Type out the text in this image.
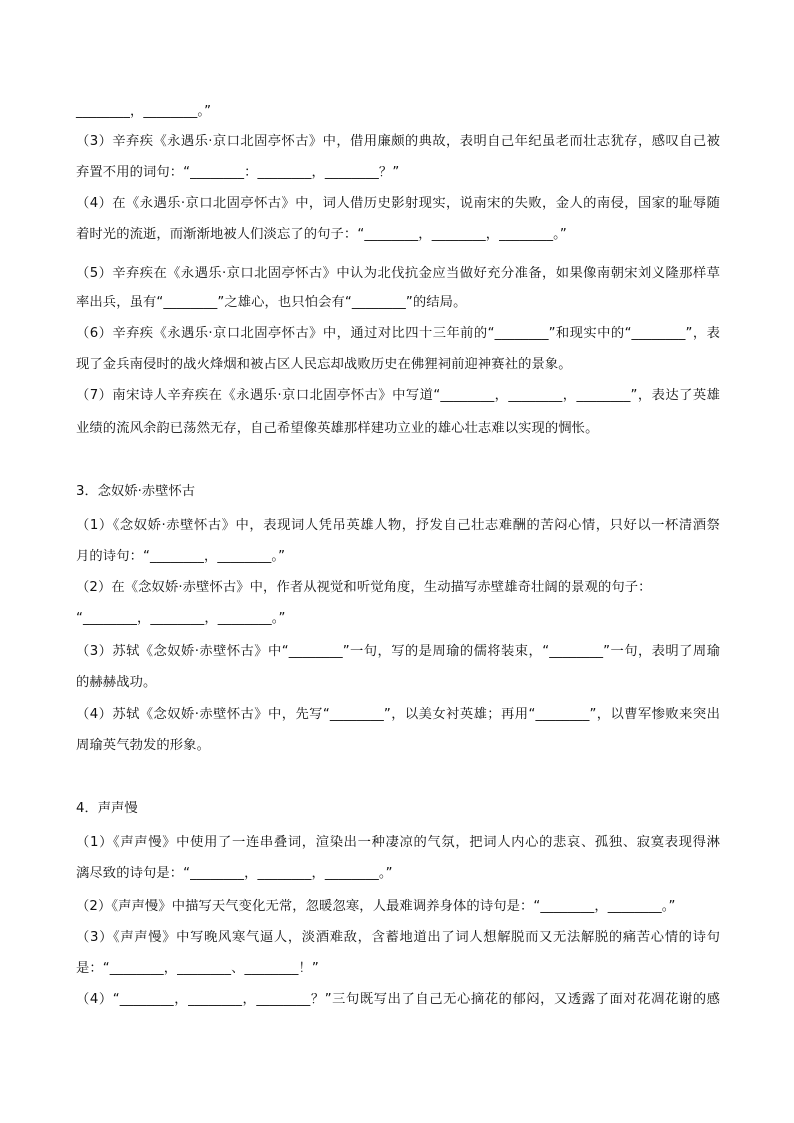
________，________。”
（3）辛弃疾《永遇乐·京口北固亭怀古》中，借用廉颇的典故，表明自己年纪虽老而壮志犹存，感叹自己被
弃置不用的词句：“________：________，________？”
（4）在《永遇乐·京口北固亭怀古》中，词人借历史影射现实，说南宋的失败，金人的南侵，国家的耻辱随
着时光的流逝，而渐渐地被人们淡忘了的句子：“________，________，________。”
（5）辛弃疾在《永遇乐·京口北固亭怀古》中认为北伐抗金应当做好充分准备，如果像南朝宋刘义隆那样草
率出兵，虽有“________”之雄心，也只怕会有“________”的结局。
（6）辛弃疾《永遇乐·京口北固亭怀古》中，通过对比四十三年前的“________”和现实中的“________”，表
现了金兵南侵时的战火烽烟和被占区人民忘却战败历史在佛狸祠前迎神赛社的景象。
（7）南宋诗人辛弃疾在《永遇乐·京口北固亭怀古》中写道“________，________，________”，表达了英雄
业绩的流风余韵已荡然无存，自己希望像英雄那样建功立业的雄心壮志难以实现的惆怅。
3．念奴娇·赤壁怀古
（1）《念奴娇·赤壁怀古》中，表现词人凭吊英雄人物，抒发自己壮志难酬的苦闷心情，只好以一杯清酒祭
月的诗句：“________，________。”
（2）在《念奴娇·赤壁怀古》中，作者从视觉和听觉角度，生动描写赤壁雄奇壮阔的景观的句子：
“________，________，________。”
（3）苏轼《念奴娇·赤壁怀古》中“________”一句，写的是周瑜的儒将装束，“________”一句，表明了周瑜
的赫赫战功。
（4）苏轼《念奴娇·赤壁怀古》中，先写“________”，以美女衬英雄；再用“________”，以曹军惨败来突出
周瑜英气勃发的形象。
4．声声慢
（1）《声声慢》中使用了一连串叠词，渲染出一种凄凉的气氛，把词人内心的悲哀、孤独、寂寞表现得淋
漓尽致的诗句是：“________，________，________。”
（2）《声声慢》中描写天气变化无常，忽暖忽寒，人最难调养身体的诗句是：“________，________。”
（3）《声声慢》中写晚风寒气逼人，淡酒难敌，含蓄地道出了词人想解脱而又无法解脱的痛苦心情的诗句
是：“________，________、________！”
（4）“________，________，________？”三句既写出了自己无心摘花的郁闷，又透露了面对花凋花谢的感
